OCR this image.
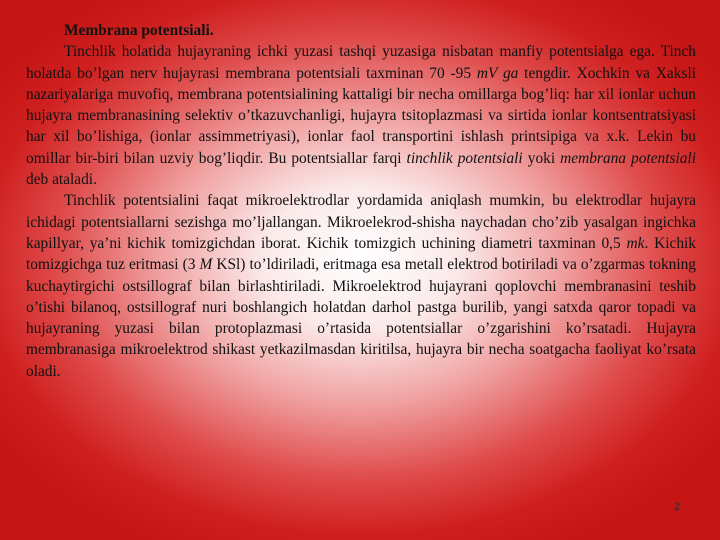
Membrana potentsiali.

Tinchlik holatida hujayraning ichki yuzasi tashqi yuzasiga nisbatan manfiy potentsialga ega. Tinch holatda bo’lgan nerv hujayrasi membrana potentsiali taxminan 70 -95 mV ga tengdir. Xochkin va Xaksli nazariyalariga muvofiq, membrana potentsialining kattaligi bir necha omillarga bog’liq: har xil ionlar uchun hujayra membranasining selektiv o’tkazuvchanligi, hujayra tsitoplazmasi va sirtida ionlar kontsentratsiyasi har xil bo’lishiga, (ionlar assimmetriyasi), ionlar faol transportini ishlash printsipiga va x.k. Lekin bu omillar bir-biri bilan uzviy bog’liqdir. Bu potentsiallar farqi tinchlik potentsiali yoki membrana potentsiali deb ataladi.

Tinchlik potentsialini faqat mikroelektrodlar yordamida aniqlash mumkin, bu elektrodlar hujayra ichidagi potentsiallarni sezishga mo’ljallangan. Mikroelekrod-shisha naychadan cho’zib yasalgan ingichka kapillyar, ya’ni kichik tomizgichdan iborat. Kichik tomizgich uchining diametri taxminan 0,5 mk. Kichik tomizgichga tuz eritmasi (3 M KSl) to’ldiriladi, eritmaga esa metall elektrod botiriladi va o’zgarmas tokning kuchaytirgichi ostsillograf bilan birlashtiriladi. Mikroelektrod hujayrani qoplovchi membranasini teshib o’tishi bilanoq, ostsillograf nuri boshlangich holatdan darhol pastga burilib, yangi satxda qaror topadi va hujayraning yuzasi bilan protoplazmasi o’rtasida potentsiallar o’zgarishini ko’rsatadi. Hujayra membranasiga mikroelektrod shikast yetkazilmasdan kiritilsa, hujayra bir necha soatgacha faoliyat ko’rsata oladi.

2
